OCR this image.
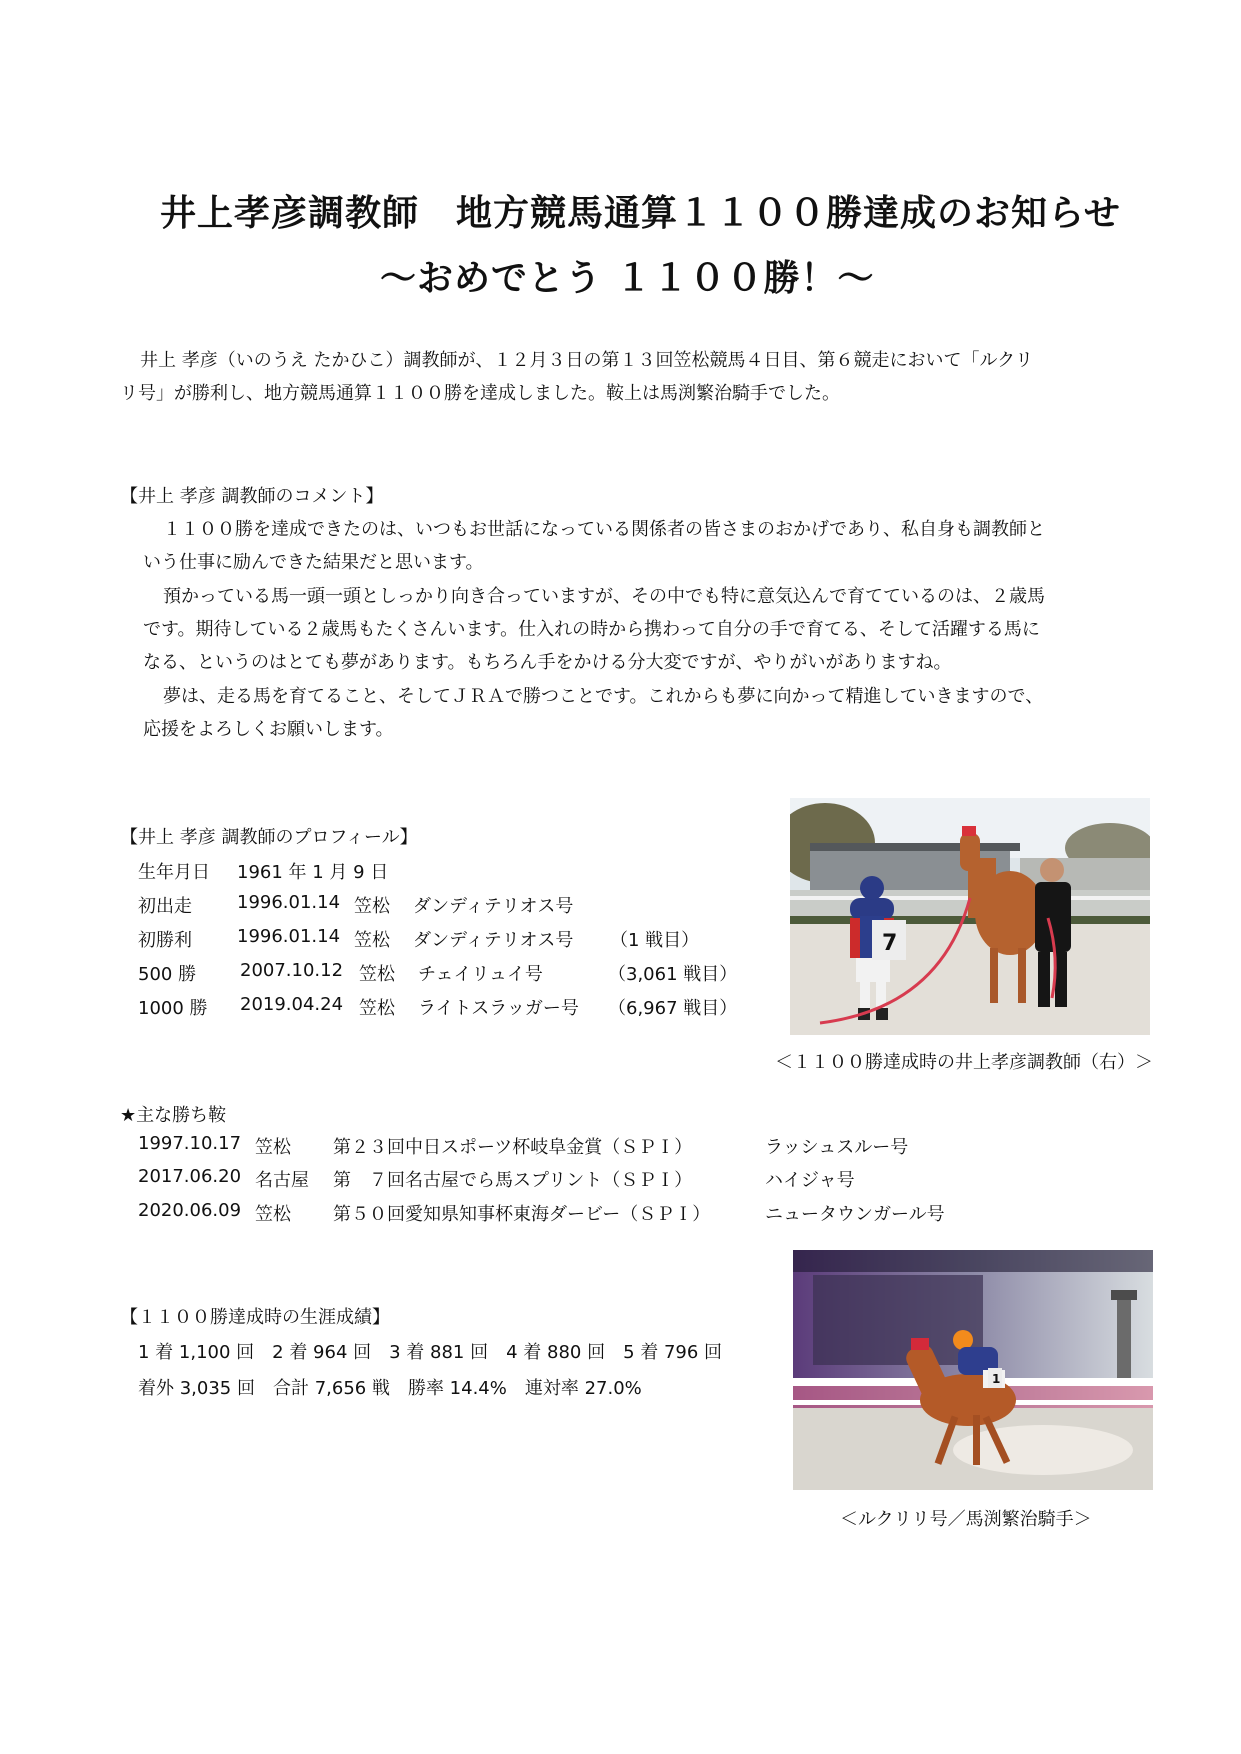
井上孝彦調教師　地方競馬通算１１００勝達成のお知らせ
～おめでとう １１００勝！～
井上 孝彦（いのうえ たかひこ）調教師が、１２月３日の第１３回笠松競馬４日目、第６競走において「ルクリ
リ号」が勝利し、地方競馬通算１１００勝を達成しました。鞍上は馬渕繁治騎手でした。
【井上 孝彦 調教師のコメント】
１１００勝を達成できたのは、いつもお世話になっている関係者の皆さまのおかげであり、私自身も調教師と
いう仕事に励んできた結果だと思います。
預かっている馬一頭一頭としっかり向き合っていますが、その中でも特に意気込んで育てているのは、２歳馬
です。期待している２歳馬もたくさんいます。仕入れの時から携わって自分の手で育てる、そして活躍する馬に
なる、というのはとても夢があります。もちろん手をかける分大変ですが、やりがいがありますね。
夢は、走る馬を育てること、そしてＪＲＡで勝つことです。これからも夢に向かって精進していきますので、
応援をよろしくお願いします。
【井上 孝彦 調教師のプロフィール】
生年月日 1961 年 1 月 9 日
初出走	1996.01.14 笠松 ダンディテリオス号
初勝利	1996.01.14 笠松 ダンディテリオス号 （1 戦目）
500 勝 2007.10.12 笠松 チェイリュイ号	（3,061 戦目）
1000 勝 2019.04.24 笠松 ライトスラッガー号 （6,967 戦目）
7
＜１１００勝達成時の井上孝彦調教師（右）＞
★主な勝ち鞍
1997.10.17 笠松 第２３回中日スポーツ杯岐阜金賞（ＳＰＩ）	ラッシュスルー号
2017.06.20 名古屋 第　７回名古屋でら馬スプリント（ＳＰＩ）	ハイジャ号
2020.06.09 笠松 第５０回愛知県知事杯東海ダービー（ＳＰＩ）	ニュータウンガール号
【１１００勝達成時の生涯成績】
1 着 1,100 回　2 着 964 回　3 着 881 回　4 着 880 回　5 着 796 回
着外 3,035 回　合計 7,656 戦　勝率 14.4%　連対率 27.0%	1
＜ルクリリ号／馬渕繁治騎手＞
